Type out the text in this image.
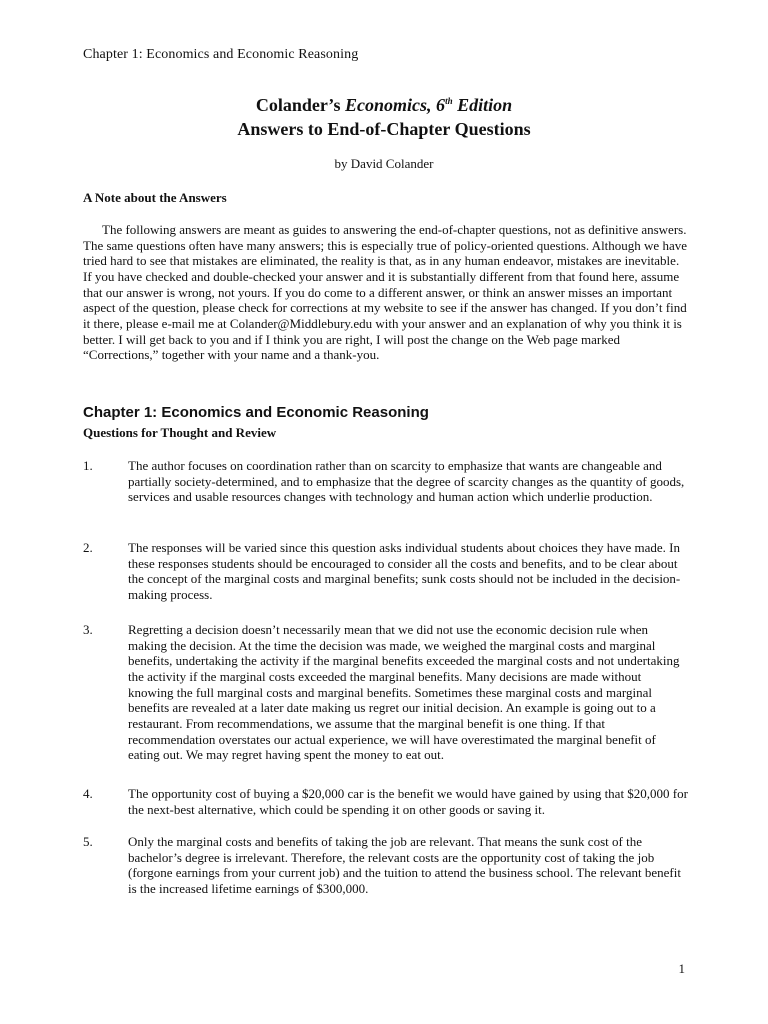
Chapter 1: Economics and Economic Reasoning
Colander’s Economics, 6th Edition
Answers to End-of-Chapter Questions
by David Colander
A Note about the Answers

The following answers are meant as guides to answering the end-of-chapter questions, not as definitive answers. The same questions often have many answers; this is especially true of policy-oriented questions. Although we have tried hard to see that mistakes are eliminated, the reality is that, as in any human endeavor, mistakes are inevitable. If you have checked and double-checked your answer and it is substantially different from that found here, assume that our answer is wrong, not yours. If you do come to a different answer, or think an answer misses an important aspect of the question, please check for corrections at my website to see if the answer has changed. If you don’t find it there, please e-mail me at Colander@Middlebury.edu with your answer and an explanation of why you think it is better. I will get back to you and if I think you are right, I will post the change on the Web page marked “Corrections,” together with your name and a thank-you.

Chapter 1: Economics and Economic Reasoning
Questions for Thought and Review
1.	The author focuses on coordination rather than on scarcity to emphasize that wants are changeable and partially society-determined, and to emphasize that the degree of scarcity changes as the quantity of goods, services and usable resources changes with technology and human action which underlie production.
2.	The responses will be varied since this question asks individual students about choices they have made. In these responses students should be encouraged to consider all the costs and benefits, and to be clear about the concept of the marginal costs and marginal benefits; sunk costs should not be included in the decision-making process.
3.	Regretting a decision doesn’t necessarily mean that we did not use the economic decision rule when making the decision. At the time the decision was made, we weighed the marginal costs and marginal benefits, undertaking the activity if the marginal benefits exceeded the marginal costs and not undertaking the activity if the marginal costs exceeded the marginal benefits. Many decisions are made without knowing the full marginal costs and marginal benefits. Sometimes these marginal costs and marginal benefits are revealed at a later date making us regret our initial decision. An example is going out to a restaurant. From recommendations, we assume that the marginal benefit is one thing. If that recommendation overstates our actual experience, we will have overestimated the marginal benefit of eating out. We may regret having spent the money to eat out.
4.	The opportunity cost of buying a $20,000 car is the benefit we would have gained by using that $20,000 for the next-best alternative, which could be spending it on other goods or saving it.
5.	Only the marginal costs and benefits of taking the job are relevant. That means the sunk cost of the bachelor’s degree is irrelevant. Therefore, the relevant costs are the opportunity cost of taking the job (forgone earnings from your current job) and the tuition to attend the business school. The relevant benefit is the increased lifetime earnings of $300,000.
1
